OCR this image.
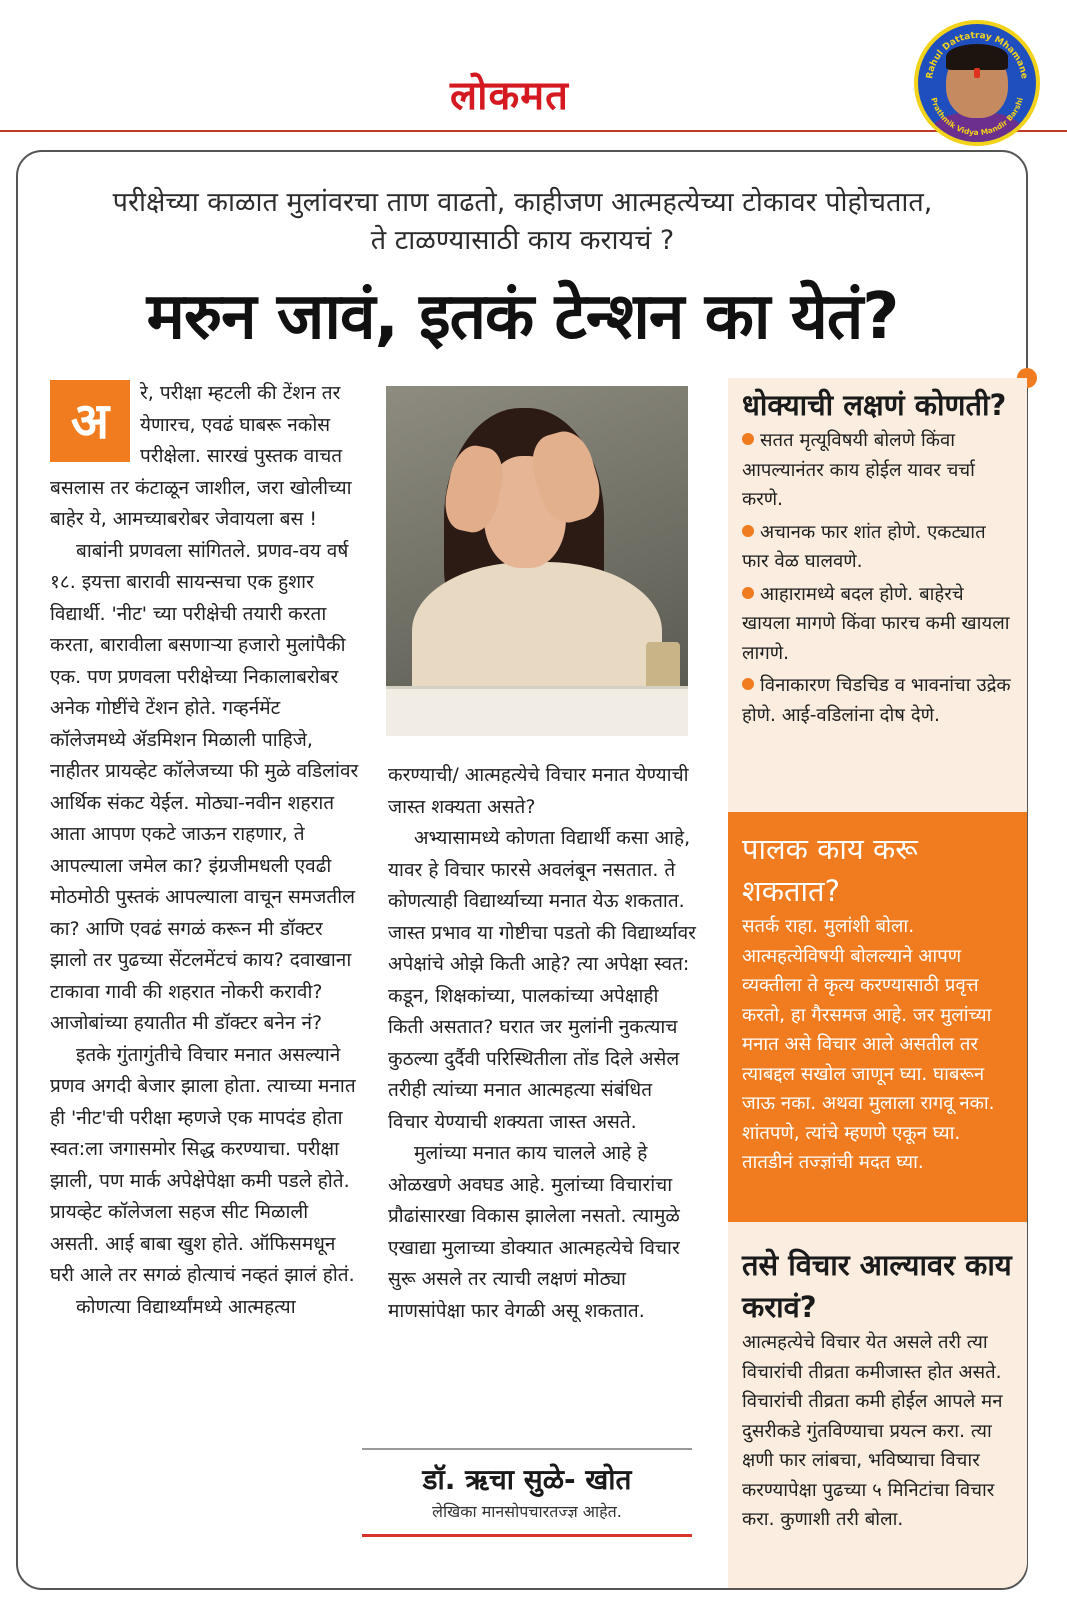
लोकमत	Rahul Dattatray Mhamane
Prathmik Vidya Mandir Barshi
परीक्षेच्या काळात मुलांवरचा ताण वाढतो, काहीजण आत्महत्येच्या टोकावर पोहोचतात,
ते टाळण्यासाठी काय करायचं ?
मरुन जावं, इतकं टेन्शन का येतं?
अ	रे, परीक्षा म्हटली की टेंशन तर येणारच, एवढं घाबरू नकोस परीक्षेला. सारखं पुस्तक वाचत बसलास तर कंटाळून जाशील, जरा खोलीच्या बाहेर ये, आमच्याबरोबर जेवायला बस !

बाबांनी प्रणवला सांगितले. प्रणव-वय वर्ष १८. इयत्ता बारावी सायन्सचा एक हुशार विद्यार्थी. 'नीट' च्या परीक्षेची तयारी करता करता, बारावीला बसणाऱ्या हजारो मुलांपैकी एक. पण प्रणवला परीक्षेच्या निकालाबरोबर अनेक गोष्टींचे टेंशन होते. गव्हर्नमेंट कॉलेजमध्ये ॲडमिशन मिळाली पाहिजे, नाहीतर प्रायव्हेट कॉलेजच्या फी मुळे वडिलांवर आर्थिक संकट येईल. मोठ्या-नवीन शहरात आता आपण एकटे जाऊन राहणार, ते आपल्याला जमेल का? इंग्रजीमधली एवढी मोठमोठी पुस्तकं आपल्याला वाचून समजतील का? आणि एवढं सगळं करून मी डॉक्टर झालो तर पुढच्या सेंटलमेंटचं काय? दवाखाना टाकावा गावी की शहरात नोकरी करावी? आजोबांच्या हयातीत मी डॉक्टर बनेन नं?

इतके गुंतागुंतीचे विचार मनात असल्याने प्रणव अगदी बेजार झाला होता. त्याच्या मनात ही 'नीट'ची परीक्षा म्हणजे एक मापदंड होता स्वत:ला जगासमोर सिद्ध करण्याचा. परीक्षा झाली, पण मार्क अपेक्षेपेक्षा कमी पडले होते. प्रायव्हेट कॉलेजला सहज सीट मिळाली असती. आई बाबा खुश होते. ऑफिसमधून घरी आले तर सगळं होत्याचं नव्हतं झालं होतं.

कोणत्या विद्यार्थ्यांमध्ये आत्महत्या

करण्याची/ आत्महत्येचे विचार मनात येण्याची जास्त शक्यता असते?

अभ्यासामध्ये कोणता विद्यार्थी कसा आहे, यावर हे विचार फारसे अवलंबून नसतात. ते कोणत्याही विद्यार्थ्याच्या मनात येऊ शकतात. जास्त प्रभाव या गोष्टीचा पडतो की विद्यार्थ्यावर अपेक्षांचे ओझे किती आहे? त्या अपेक्षा स्वत: कडून, शिक्षकांच्या, पालकांच्या अपेक्षाही किती असतात? घरात जर मुलांनी नुकत्याच कुठल्या दुर्दैवी परिस्थितीला तोंड दिले असेल तरीही त्यांच्या मनात आत्महत्या संबंधित विचार येण्याची शक्यता जास्त असते.

मुलांच्या मनात काय चालले आहे हे ओळखणे अवघड आहे. मुलांच्या विचारांचा प्रौढांसारखा विकास झालेला नसतो. त्यामुळे एखाद्या मुलाच्या डोक्यात आत्महत्येचे विचार सुरू असले तर त्याची लक्षणं मोठ्या माणसांपेक्षा फार वेगळी असू शकतात.

डॉ. ऋचा सुळे- खोत
लेखिका मानसोपचारतज्ज्ञ आहेत.
धोक्याची लक्षणं कोणती?
सतत मृत्यूविषयी बोलणे किंवा आपल्यानंतर काय होईल यावर चर्चा करणे.
अचानक फार शांत होणे. एकट्यात फार वेळ घालवणे.
आहारामध्ये बदल होणे. बाहेरचे खायला मागणे किंवा फारच कमी खायला लागणे.
विनाकारण चिडचिड व भावनांचा उद्रेक होणे. आई-वडिलांना दोष देणे.
पालक काय करू शकतात?
सतर्क राहा. मुलांशी बोला. आत्महत्येविषयी बोलल्याने आपण व्यक्तीला ते कृत्य करण्यासाठी प्रवृत्त करतो, हा गैरसमज आहे. जर मुलांच्या मनात असे विचार आले असतील तर त्याबद्दल सखोल जाणून घ्या. घाबरून जाऊ नका. अथवा मुलाला रागवू नका. शांतपणे, त्यांचे म्हणणे एकून घ्या. तातडीनं तज्ज्ञांची मदत घ्या.
तसे विचार आल्यावर काय करावं?
आत्महत्येचे विचार येत असले तरी त्या विचारांची तीव्रता कमीजास्त होत असते. विचारांची तीव्रता कमी होईल आपले मन दुसरीकडे गुंतविण्याचा प्रयत्न करा. त्या क्षणी फार लांबचा, भविष्याचा विचार करण्यापेक्षा पुढच्या ५ मिनिटांचा विचार करा. कुणाशी तरी बोला.
